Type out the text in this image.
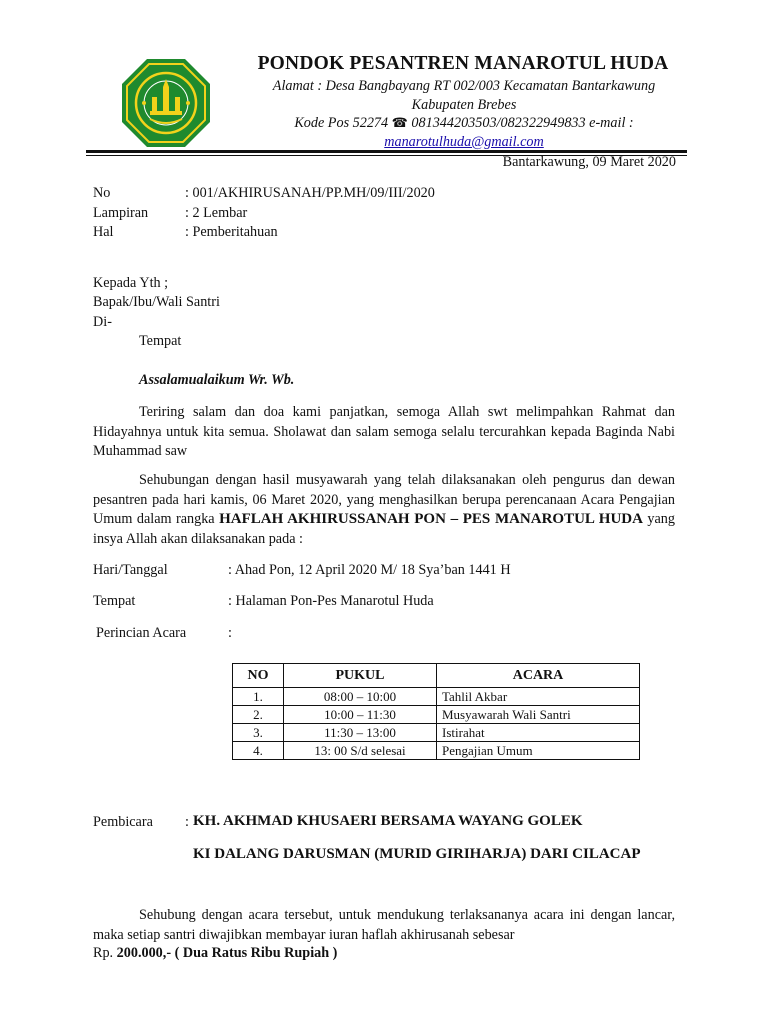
PONDOK PESANTREN MANAROTUL HUDA
Alamat : Desa Bangbayang RT 002/003 Kecamatan Bantarkawung
Kabupaten Brebes
Kode Pos 52274 ☎ 081344203503/082322949833 e-mail :
manarotulhuda@gmail.com
Bantarkawung, 09 Maret 2020
No	: 001/AKHIRUSANAH/PP.MH/09/III/2020
Lampiran	: 2 Lembar
Hal	: Pemberitahuan
Kepada Yth ;
Bapak/Ibu/Wali Santri
Di-
Tempat
Assalamualaikum Wr. Wb.
Teriring salam dan doa kami panjatkan, semoga Allah swt melimpahkan Rahmat dan Hidayahnya untuk kita semua. Sholawat dan salam semoga selalu tercurahkan kepada Baginda Nabi Muhammad saw
Sehubungan dengan hasil musyawarah yang telah dilaksanakan oleh pengurus dan dewan pesantren pada hari kamis, 06 Maret 2020, yang menghasilkan berupa perencanaan Acara Pengajian Umum dalam rangka HAFLAH AKHIRUSSANAH PON – PES MANAROTUL HUDA yang insya Allah akan dilaksanakan pada :
Hari/Tanggal	: Ahad Pon, 12 April 2020 M/ 18 Sya’ban 1441 H
Tempat	: Halaman Pon-Pes Manarotul Huda
Perincian Acara	:
NO	PUKUL	ACARA
1.	08:00 – 10:00	Tahlil Akbar
2.	10:00 – 11:30	Musyawarah Wali Santri
3.	11:30 – 13:00	Istirahat
4.	13: 00 S/d selesai	Pengajian Umum
Pembicara : KH. AKHMAD KHUSAERI BERSAMA WAYANG GOLEK
KI DALANG DARUSMAN (MURID GIRIHARJA) DARI CILACAP
Sehubung dengan acara tersebut, untuk mendukung terlaksananya acara ini dengan lancar, maka setiap santri diwajibkan membayar iuran haflah akhirusanah sebesar
Rp. 200.000,- ( Dua Ratus Ribu Rupiah )
